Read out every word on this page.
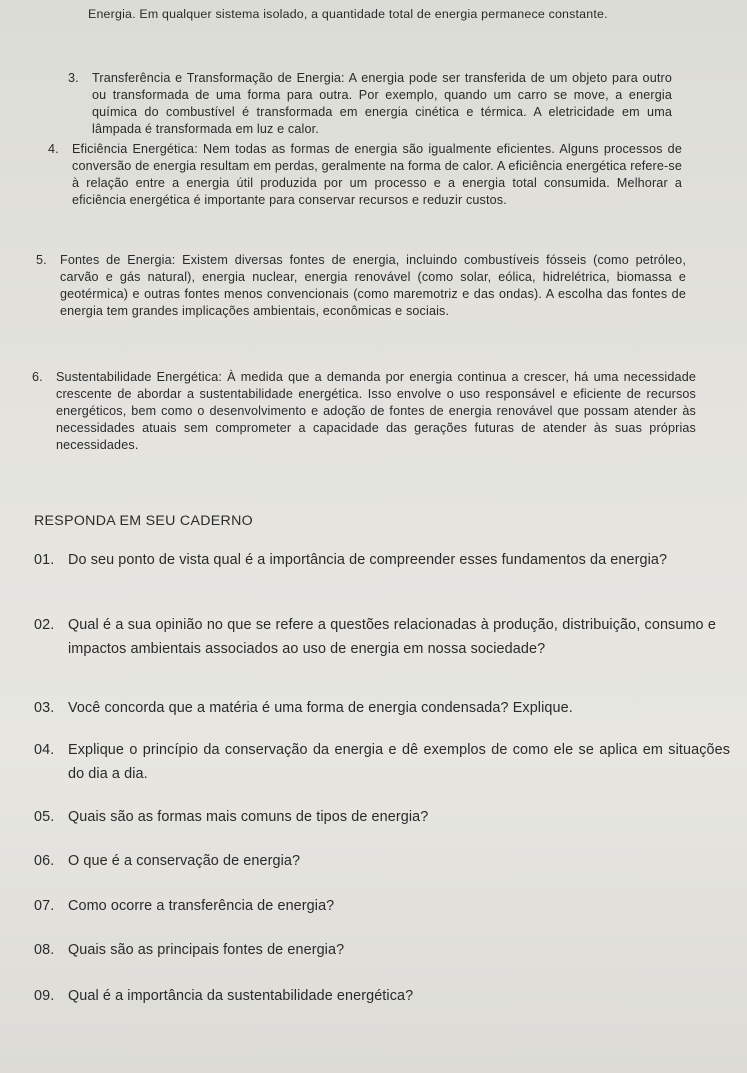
Energia. Em qualquer sistema isolado, a quantidade total de energia permanece constante.

3. Transferência e Transformação de Energia: A energia pode ser transferida de um objeto para outro ou transformada de uma forma para outra. Por exemplo, quando um carro se move, a energia química do combustível é transformada em energia cinética e térmica. A eletricidade em uma lâmpada é transformada em luz e calor.
4. Eficiência Energética: Nem todas as formas de energia são igualmente eficientes. Alguns processos de conversão de energia resultam em perdas, geralmente na forma de calor. A eficiência energética refere-se à relação entre a energia útil produzida por um processo e a energia total consumida. Melhorar a eficiência energética é importante para conservar recursos e reduzir custos.
5. Fontes de Energia: Existem diversas fontes de energia, incluindo combustíveis fósseis (como petróleo, carvão e gás natural), energia nuclear, energia renovável (como solar, eólica, hidrelétrica, biomassa e geotérmica) e outras fontes menos convencionais (como maremotriz e das ondas). A escolha das fontes de energia tem grandes implicações ambientais, econômicas e sociais.
6. Sustentabilidade Energética: À medida que a demanda por energia continua a crescer, há uma necessidade crescente de abordar a sustentabilidade energética. Isso envolve o uso responsável e eficiente de recursos energéticos, bem como o desenvolvimento e adoção de fontes de energia renovável que possam atender às necessidades atuais sem comprometer a capacidade das gerações futuras de atender às suas próprias necessidades.
RESPONDA EM SEU CADERNO
01. Do seu ponto de vista qual é a importância de compreender esses fundamentos da energia?
02. Qual é a sua opinião no que se refere a questões relacionadas à produção, distribuição, consumo e impactos ambientais associados ao uso de energia em nossa sociedade?
03. Você concorda que a matéria é uma forma de energia condensada? Explique.
04. Explique o princípio da conservação da energia e dê exemplos de como ele se aplica em situações do dia a dia.
05. Quais são as formas mais comuns de tipos de energia?
06. O que é a conservação de energia?
07. Como ocorre a transferência de energia?
08. Quais são as principais fontes de energia?
09. Qual é a importância da sustentabilidade energética?
